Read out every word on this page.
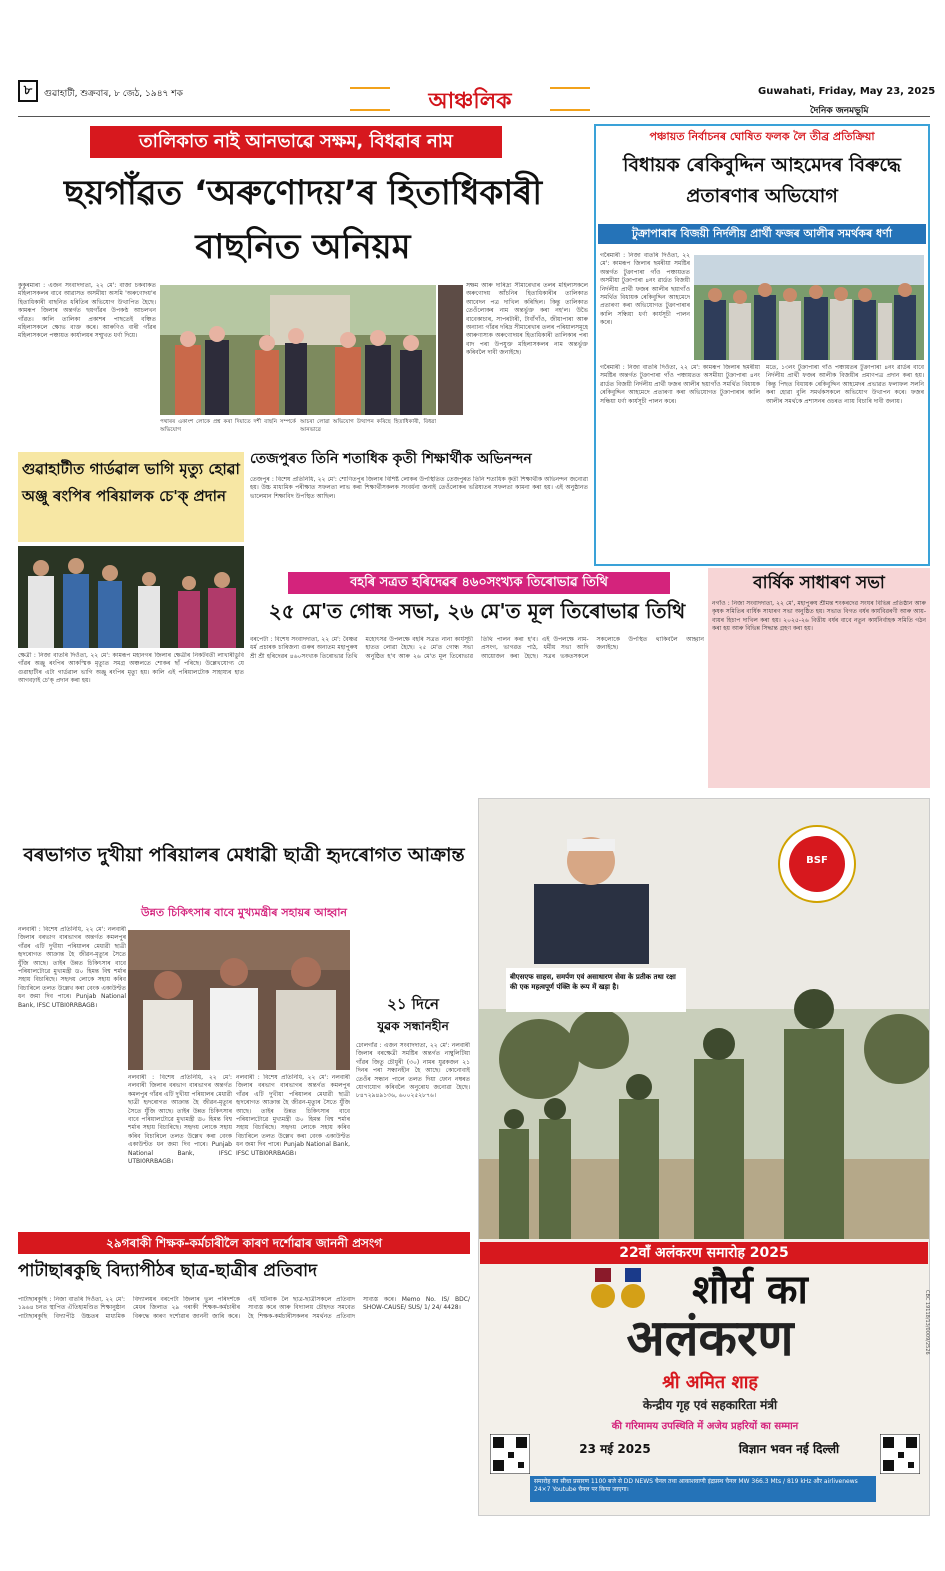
৮	গুৱাহাটী, শুক্ৰবাৰ, ৮ জেঠ, ১৯৪৭ শক	আঞ্চলিক	Guwahati, Friday, May 23, 2025
দৈনিক জনমভূমি
তালিকাত নাই আনভাৱে সক্ষম, বিধৱাৰ নাম
ছয়গাঁৱত ‘অৰুণোদয়’ৰ হিতাধিকাৰী বাছনিত অনিয়ম
কুকুৰমাৰা : এজন সংবাদদাতা, ২২ মে': বাজা চকবাকত মহিলাসকলৰ বাবে আৱাসত অসমীয়া অসমি 'অৰুণোদয়'ৰ হিতাধিকাৰী বাছনিত ধৰিতিৰ অভিযোগ উত্থাপিত হৈছে। কামৰূপ জিলাৰ অন্তৰ্গত ছয়গাঁৱৰ উপকণ্ঠ আচলখন গাঁৱত। কালি তালিকা প্ৰকাশৰ পাছতেই বঞ্চিত মহিলাসকলে ক্ষোভ ব্যক্ত কৰে। আৰুণিও বাৰী গাঁৱৰ মহিলাসকলে পঞ্চায়ত কাৰ্যালয়ৰ সন্মুখত ধৰ্ণা দিয়ে।
পথাৰৰ একাংশ লোকে প্ৰশ্ন কৰা দিয়াতে দৰ্শী বাছনি সম্পৰ্কে অভিযোগ
আচৰা লোৱা অভিযোগ উত্থাপন কৰিছে হিতাধিকাৰী, বিধৱা আনভাৱে
সক্ষম আৰু দাৰিদ্ৰ্য সীমাৰেখাৰ তলৰ মহিলাসকলে অৰুণোদয় আঁচনিৰ হিতাধিকাৰীৰ তালিকাত আবেদন পত্ৰ দাখিল কৰিছিল। কিন্তু তালিকাত তেওঁলোকৰ নাম অন্তৰ্ভুক্ত কৰা নহ'ল। উভৈ বাবেকাচাৰ, সাপৰটাৰী, টাবাঁগাঁও, জীয়াপাৰা আৰু অন্যান্য গাঁৱৰ দৰিদ্ৰ সীমাৰেখাৰ তলৰ পৰিয়ালসমূহে আৰুণাস্যক অৰুণোদয়ৰ হিতাধিকাৰী তালিকাৰ পৰা বাদ পৰা উপযুক্ত মহিলাসকলৰ নাম অন্তৰ্ভুক্ত কৰিবলৈ দাবী জনাইছে।
পঞ্চায়ত নিৰ্বাচনৰ ঘোষিত ফলক লৈ তীব্ৰ প্ৰতিক্ৰিয়া
বিধায়ক ৰেকিবুদ্দিন আহমেদৰ বিৰুদ্ধে প্ৰতাৰণাৰ অভিযোগ
টুক্ৰাপাৰাৰ বিজয়ী নিৰ্দলীয় প্ৰাৰ্থী ফজৰ আলীৰ সমৰ্থকৰ ধৰ্ণা
গৰৈমাৰী : নিজা বাতৰি দিওঁতা, ২২ মে': কামৰূপ জিলাৰ ছমৰীয়া সমষ্টিৰ অন্তৰ্গত টুক্ৰাপাৰা গাঁও পঞ্চায়তত অসমীয়া টুক্ৰাপাৰা ৪নং ৱাৰ্ডত বিজয়ী নিৰ্দলীয় প্ৰাৰ্থী ফজৰ আলীৰ ছয়াগাঁও সমৰ্থিত বিধায়ক ৰেকিবুদ্দিন আহমেদে প্ৰতাৰণা কৰা অভিযোগত টুক্ৰাপাৰাৰ কালি সন্ধিয়া ধৰ্ণা কাৰ্যসূচী পালন কৰে।
গৰৈমাৰী : নিজা বাতৰি দিওঁতা, ২২ মে': কামৰূপ জিলাৰ ছমৰীয়া সমষ্টিৰ অন্তৰ্গত টুক্ৰাপাৰা গাঁও পঞ্চায়তত অসমীয়া টুক্ৰাপাৰা ৪নং ৱাৰ্ডত বিজয়ী নিৰ্দলীয় প্ৰাৰ্থী ফজৰ আলীৰ ছয়াগাঁও সমৰ্থিত বিধায়ক ৰেকিবুদ্দিন আহমেদে প্ৰতাৰণা কৰা অভিযোগত টুক্ৰাপাৰাৰ কালি সন্ধিয়া ধৰ্ণা কাৰ্যসূচী পালন কৰে।
মতে, ১৩নং টুক্ৰাপাৰা গাঁও পঞ্চায়তৰ টুক্ৰাপাৰা ৪নং ৱাৰ্ডৰ বাবে নিৰ্দলীয় প্ৰাৰ্থী ফজৰ আলীক বিজয়ীৰ প্ৰমাণপত্ৰ প্ৰদান কৰা হয়। কিন্তু পিছত বিধায়ক ৰেকিবুদ্দিন আহমেদৰ প্ৰভাৱত ফলাফল সলনি কৰা হোৱা বুলি সমৰ্থকসকলে অভিযোগ উত্থাপন কৰে। ফজৰ আলীৰ সমৰ্থকে প্ৰশাসনৰ ওচৰত ন্যায় বিচাৰি দাবী জনায়।
গুৱাহাটীত গাৰ্ডৱাল ভাগি মৃত্যু হোৱা অঞ্জু ৰংপিৰ পৰিয়ালক চে'ক্ প্ৰদান
ক্ষেত্ৰী : নিজা বাতৰি দিওঁতা, ২২ মে': কামৰূপ মহানগৰ জিলাৰ ক্ষেত্ৰীৰ নিকটবৰ্তী লাখাৰীডুবি গাঁৱৰ অঞ্জু ৰংপিৰ আকস্মিক মৃত্যুত সমগ্ৰ অঞ্চলতে শোকৰ ছাঁ পৰিছে। উল্লেখযোগ্য যে গুৱাহাটীৰ এটা গাৰ্ডৱাল ভাগি অঞ্জু ৰংপিৰ মৃত্যু হয়। কালি এই পৰিয়ালটোক সাহায্যৰ হাত আগবঢ়াই চে'ক্ প্ৰদান কৰা হয়।
তেজপুৰত তিনি শতাধিক কৃতী শিক্ষাৰ্থীক অভিনন্দন
তেজপুৰ : বিশেষ প্ৰতিনিধি, ২২ মে': শোণিতপুৰ জিলাৰ বিশিষ্ট লোকৰ উপস্থিতিত তেজপুৰত তিনি শতাধিক কৃতী শিক্ষাৰ্থীক অভিনন্দন জনোৱা হয়। উচ্চ মাধ্যমিক পৰীক্ষাত সফলতা লাভ কৰা শিক্ষাৰ্থীসকলক সংবৰ্ধনা জনাই তেওঁলোকৰ ভৱিষ্যতৰ সফলতা কামনা কৰা হয়। এই অনুষ্ঠানত ভালেমান শিক্ষাবিদ উপস্থিত আছিল।
বহৰি সত্ৰত হৰিদেৱৰ ৪৬০সংখ্যক তিৰোভাৱ তিথি
২৫ মে'ত গোন্ধ সভা, ২৬ মে'ত মূল তিৰোভাৱ তিথি
বৰপেটা : বিশেষ সংবাদদাতা, ২২ মে': বৈষ্ণৱ ধৰ্ম প্ৰচাৰক চাৰিজনা গুৰুৰ অন্যতম মহাপুৰুষ শ্ৰী শ্ৰী হৰিদেৱৰ ৪৬০সংখ্যক তিৰোভাৱ তিথি মহোৎসৱ উপলক্ষে বহৰি সত্ৰত নানা কাৰ্যসূচী হাতত লোৱা হৈছে। ২৫ মে'ত গোন্ধ সভা অনুষ্ঠিত হ'ব আৰু ২৬ মে'ত মূল তিৰোভাৱ তিথি পালন কৰা হ'ব। এই উপলক্ষে নাম-প্ৰসংগ, ভাগৱত পাঠ, ধৰ্মীয় সভা আদি আয়োজন কৰা হৈছে। সত্ৰৰ ভকতসকলে সকলোকে উপস্থিত থাকিবলৈ আহ্বান জনাইছে।
বাৰ্ষিক সাধাৰণ সভা
নগাঁও : নিজা সংবাদদাতা, ২২ মে', মহাপুৰুষ শ্ৰীমন্ত শংকৰদেৱ সংঘৰ বিভিন্ন প্ৰতিষ্ঠান আৰু কৃষক সমিতিৰ বাৰ্ষিক সাধাৰণ সভা অনুষ্ঠিত হয়। সভাত বিগত বৰ্ষৰ কাৰ্যবিৱৰণী আৰু আয়-ব্যয়ৰ হিচাপ দাখিল কৰা হয়। ২০২৫-২৬ বিত্তীয় বৰ্ষৰ বাবে নতুন কাৰ্যনিৰ্বাহক সমিতি গঠন কৰা হয় আৰু বিভিন্ন সিদ্ধান্ত গ্ৰহণ কৰা হয়।
বৰভাগত দুখীয়া পৰিয়ালৰ মেধাৱী ছাত্ৰী হৃদৰোগত আক্ৰান্ত
উন্নত চিকিৎসাৰ বাবে মুখ্যমন্ত্ৰীৰ সহায়ৰ আহ্বান
নলবাৰী : বিশেষ প্ৰতিনিধি, ২২ মে': নলবাৰী জিলাৰ বৰভাগ বাৰভাগৰ অন্তৰ্গত কমলপুৰ গাঁৱৰ এটি দুখীয়া পৰিয়ালৰ মেধাৱী ছাত্ৰী হৃদৰোগত আক্ৰান্ত হৈ জীৱন-মৃত্যুৰ সৈতে যুঁজি আছে। তাইৰ উন্নত চিকিৎসাৰ বাবে পৰিয়ালটোৱে মুখ্যমন্ত্ৰী ড০ হিমন্ত বিশ্ব শৰ্মাৰ সহায় বিচাৰিছে। সহৃদয় লোকে সহায় কৰিব বিচাৰিলে তলত উল্লেখ কৰা বেংক একাউণ্টত ধন জমা দিব পাৰে। Punjab National Bank, IFSC UTBI0RRBAGB।
নলবাৰী : বিশেষ প্ৰতিনিধি, ২২ মে': নলবাৰী জিলাৰ বৰভাগ বাৰভাগৰ অন্তৰ্গত কমলপুৰ গাঁৱৰ এটি দুখীয়া পৰিয়ালৰ মেধাৱী ছাত্ৰী হৃদৰোগত আক্ৰান্ত হৈ জীৱন-মৃত্যুৰ সৈতে যুঁজি আছে। তাইৰ উন্নত চিকিৎসাৰ বাবে পৰিয়ালটোৱে মুখ্যমন্ত্ৰী ড০ হিমন্ত বিশ্ব শৰ্মাৰ সহায় বিচাৰিছে। সহৃদয় লোকে সহায় কৰিব বিচাৰিলে তলত উল্লেখ কৰা বেংক একাউণ্টত ধন জমা দিব পাৰে। Punjab National Bank, IFSC UTBI0RRBAGB।
নলবাৰী : বিশেষ প্ৰতিনিধি, ২২ মে': নলবাৰী জিলাৰ বৰভাগ বাৰভাগৰ অন্তৰ্গত কমলপুৰ গাঁৱৰ এটি দুখীয়া পৰিয়ালৰ মেধাৱী ছাত্ৰী হৃদৰোগত আক্ৰান্ত হৈ জীৱন-মৃত্যুৰ সৈতে যুঁজি আছে। তাইৰ উন্নত চিকিৎসাৰ বাবে পৰিয়ালটোৱে মুখ্যমন্ত্ৰী ড০ হিমন্ত বিশ্ব শৰ্মাৰ সহায় বিচাৰিছে। সহৃদয় লোকে সহায় কৰিব বিচাৰিলে তলত উল্লেখ কৰা বেংক একাউণ্টত ধন জমা দিব পাৰে। Punjab National Bank, IFSC UTBI0RRBAGB।
২১ দিনে
যুৱক সন্ধানহীন
ঢোলগাঁৱ : এজন সংবাদদাতা, ২২ মে': নলবাৰী জিলাৰ বৰক্ষেত্ৰী সমষ্টিৰ অন্তৰ্গত নাম্বুলিটিয়া গাঁৱৰ জিতু চৌধুৰী (৩০) নামৰ যুৱকজন ২১ দিনৰ পৰা সন্ধানহীন হৈ আছে। কোনোবাই তেওঁৰ সন্ধান পালে তলত দিয়া ফোন নম্বৰত যোগাযোগ কৰিবলৈ অনুৰোধ জনোৱা হৈছে। ৮৪৭২৯৪৯১৩৬, ৬০০২৫২৮৭৬।
২৯গৰাকী শিক্ষক-কৰ্মচাৰীলৈ কাৰণ দৰ্শোৱাৰ জাননী প্ৰসংগ
পাটাছাৰকুছি বিদ্যাপীঠৰ ছাত্ৰ-ছাত্ৰীৰ প্ৰতিবাদ
পাটাছাৰকুছি : নিজা বাতৰি দিওঁতা, ২২ মে': ১৯৬৪ চনত স্থাপিত ঐতিহ্যমণ্ডিত শিক্ষানুষ্ঠান পাটাছাৰকুছি বিদ্যাপীঠ উচ্চতৰ মাধ্যমিক বিদ্যালয়ৰ বৰপেটা জিলাৰ ভুল পৰিদৰ্শকে মেধৰ জিলাত ২৯ গৰাকী শিক্ষক-কৰ্মচাৰীৰ বিৰুদ্ধে কাৰণ দৰ্শোৱাৰ জাননী জাৰি কৰে। এই ঘটনাক লৈ ছাত্ৰ-ছাত্ৰীসকলে প্ৰতিবাদ সাব্যস্ত কৰে আৰু বিদ্যালয় চৌহদত সমবেত হৈ শিক্ষক-কৰ্মচাৰীসকলৰ সমৰ্থনত প্ৰতিবাদ সাব্যস্ত কৰে। Memo No. IS/ BDC/ SHOW-CAUSE/ SUS/ 1/ 24/ 4428।
BSF
बीएसएफ साहस, समर्पण एवं असाधारण सेवा के प्रतीक तथा रक्षा की एक महत्वपूर्ण पंक्ति के रूप में खड़ा है।
22वाँ अलंकरण समारोह 2025
शौर्य का
अलंकरण
श्री अमित शाह
केन्द्रीय गृह एवं सहकारिता मंत्री
की गरिमामय उपस्थिति में अजेय प्रहरियों का सम्मान
23 मई 2025	विज्ञान भवन नई दिल्ली
समारोह का सीधा प्रसारण 1100 बजे से DD NEWS चैनल तथा आकाशवाणी इंद्रप्रस्थ चैनल MW 366.3 Mts / 819 kHz और airlivenews 24×7 Youtube चैनल पर किया जाएगा।
CBC 19118/13/0009/2526
